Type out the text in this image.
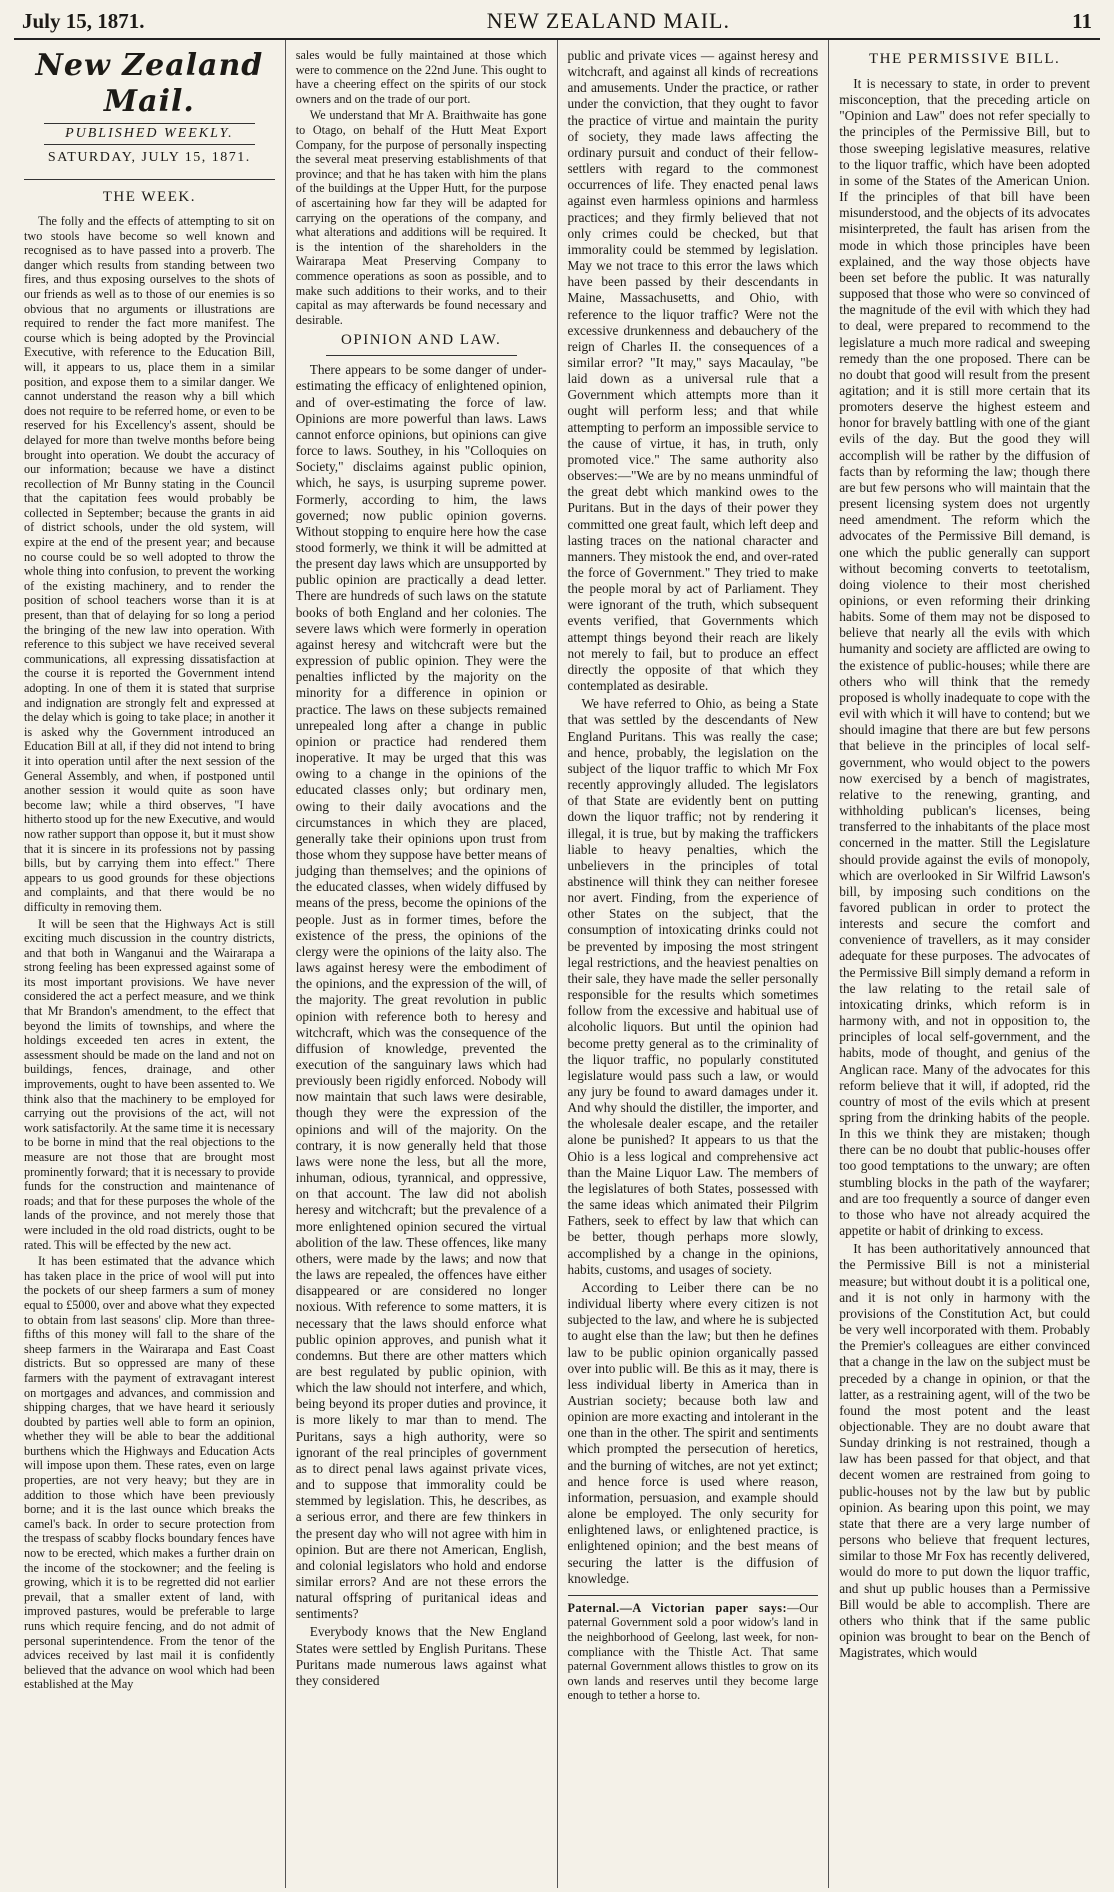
July 15, 1871.	NEW ZEALAND MAIL.	11
New Zealand Mail.
PUBLISHED WEEKLY.
SATURDAY, JULY 15, 1871.
THE WEEK.

The folly and the effects of attempting to sit on two stools have become so well known and recognised as to have passed into a proverb. The danger which results from standing between two fires, and thus exposing ourselves to the shots of our friends as well as to those of our enemies is so obvious that no arguments or illustrations are required to render the fact more manifest. The course which is being adopted by the Provincial Executive, with reference to the Education Bill, will, it appears to us, place them in a similar position, and expose them to a similar danger. We cannot understand the reason why a bill which does not require to be referred home, or even to be reserved for his Excellency's assent, should be delayed for more than twelve months before being brought into operation. We doubt the accuracy of our information; because we have a distinct recollection of Mr Bunny stating in the Council that the capitation fees would probably be collected in September; because the grants in aid of district schools, under the old system, will expire at the end of the present year; and because no course could be so well adopted to throw the whole thing into confusion, to prevent the working of the existing machinery, and to render the position of school teachers worse than it is at present, than that of delaying for so long a period the bringing of the new law into operation. With reference to this subject we have received several communications, all expressing dissatisfaction at the course it is reported the Government intend adopting. In one of them it is stated that surprise and indignation are strongly felt and expressed at the delay which is going to take place; in another it is asked why the Government introduced an Education Bill at all, if they did not intend to bring it into operation until after the next session of the General Assembly, and when, if postponed until another session it would quite as soon have become law; while a third observes, "I have hitherto stood up for the new Executive, and would now rather support than oppose it, but it must show that it is sincere in its professions not by passing bills, but by carrying them into effect." There appears to us good grounds for these objections and complaints, and that there would be no difficulty in removing them.

It will be seen that the Highways Act is still exciting much discussion in the country districts, and that both in Wanganui and the Wairarapa a strong feeling has been expressed against some of its most important provisions. We have never considered the act a perfect measure, and we think that Mr Brandon's amendment, to the effect that beyond the limits of townships, and where the holdings exceeded ten acres in extent, the assessment should be made on the land and not on buildings, fences, drainage, and other improvements, ought to have been assented to. We think also that the machinery to be employed for carrying out the provisions of the act, will not work satisfactorily. At the same time it is necessary to be borne in mind that the real objections to the measure are not those that are brought most prominently forward; that it is necessary to provide funds for the construction and maintenance of roads; and that for these purposes the whole of the lands of the province, and not merely those that were included in the old road districts, ought to be rated. This will be effected by the new act.

It has been estimated that the advance which has taken place in the price of wool will put into the pockets of our sheep farmers a sum of money equal to £5000, over and above what they expected to obtain from last seasons' clip. More than three-fifths of this money will fall to the share of the sheep farmers in the Wairarapa and East Coast districts. But so oppressed are many of these farmers with the payment of extravagant interest on mortgages and advances, and commission and shipping charges, that we have heard it seriously doubted by parties well able to form an opinion, whether they will be able to bear the additional burthens which the Highways and Education Acts will impose upon them. These rates, even on large properties, are not very heavy; but they are in addition to those which have been previously borne; and it is the last ounce which breaks the camel's back. In order to secure protection from the trespass of scabby flocks boundary fences have now to be erected, which makes a further drain on the income of the stockowner; and the feeling is growing, which it is to be regretted did not earlier prevail, that a smaller extent of land, with improved pastures, would be preferable to large runs which require fencing, and do not admit of personal superintendence. From the tenor of the advices received by last mail it is confidently believed that the advance on wool which had been established at the May

sales would be fully maintained at those which were to commence on the 22nd June. This ought to have a cheering effect on the spirits of our stock owners and on the trade of our port.

We understand that Mr A. Braithwaite has gone to Otago, on behalf of the Hutt Meat Export Company, for the purpose of personally inspecting the several meat preserving establishments of that province; and that he has taken with him the plans of the buildings at the Upper Hutt, for the purpose of ascertaining how far they will be adapted for carrying on the operations of the company, and what alterations and additions will be required. It is the intention of the shareholders in the Wairarapa Meat Preserving Company to commence operations as soon as possible, and to make such additions to their works, and to their capital as may afterwards be found necessary and desirable.

OPINION AND LAW.

There appears to be some danger of under-estimating the efficacy of enlightened opinion, and of over-estimating the force of law. Opinions are more powerful than laws. Laws cannot enforce opinions, but opinions can give force to laws. Southey, in his "Colloquies on Society," disclaims against public opinion, which, he says, is usurping supreme power. Formerly, according to him, the laws governed; now public opinion governs. Without stopping to enquire here how the case stood formerly, we think it will be admitted at the present day laws which are unsupported by public opinion are practically a dead letter. There are hundreds of such laws on the statute books of both England and her colonies. The severe laws which were formerly in operation against heresy and witchcraft were but the expression of public opinion. They were the penalties inflicted by the majority on the minority for a difference in opinion or practice. The laws on these subjects remained unrepealed long after a change in public opinion or practice had rendered them inoperative. It may be urged that this was owing to a change in the opinions of the educated classes only; but ordinary men, owing to their daily avocations and the circumstances in which they are placed, generally take their opinions upon trust from those whom they suppose have better means of judging than themselves; and the opinions of the educated classes, when widely diffused by means of the press, become the opinions of the people. Just as in former times, before the existence of the press, the opinions of the clergy were the opinions of the laity also. The laws against heresy were the embodiment of the opinions, and the expression of the will, of the majority. The great revolution in public opinion with reference both to heresy and witchcraft, which was the consequence of the diffusion of knowledge, prevented the execution of the sanguinary laws which had previously been rigidly enforced. Nobody will now maintain that such laws were desirable, though they were the expression of the opinions and will of the majority. On the contrary, it is now generally held that those laws were none the less, but all the more, inhuman, odious, tyrannical, and oppressive, on that account. The law did not abolish heresy and witchcraft; but the prevalence of a more enlightened opinion secured the virtual abolition of the law. These offences, like many others, were made by the laws; and now that the laws are repealed, the offences have either disappeared or are considered no longer noxious. With reference to some matters, it is necessary that the laws should enforce what public opinion approves, and punish what it condemns. But there are other matters which are best regulated by public opinion, with which the law should not interfere, and which, being beyond its proper duties and province, it is more likely to mar than to mend. The Puritans, says a high authority, were so ignorant of the real principles of government as to direct penal laws against private vices, and to suppose that immorality could be stemmed by legislation. This, he describes, as a serious error, and there are few thinkers in the present day who will not agree with him in opinion. But are there not American, English, and colonial legislators who hold and endorse similar errors? And are not these errors the natural offspring of puritanical ideas and sentiments?

Everybody knows that the New England States were settled by English Puritans. These Puritans made numerous laws against what they considered

public and private vices — against heresy and witchcraft, and against all kinds of recreations and amusements. Under the practice, or rather under the conviction, that they ought to favor the practice of virtue and maintain the purity of society, they made laws affecting the ordinary pursuit and conduct of their fellow-settlers with regard to the commonest occurrences of life. They enacted penal laws against even harmless opinions and harmless practices; and they firmly believed that not only crimes could be checked, but that immorality could be stemmed by legislation. May we not trace to this error the laws which have been passed by their descendants in Maine, Massachusetts, and Ohio, with reference to the liquor traffic? Were not the excessive drunkenness and debauchery of the reign of Charles II. the consequences of a similar error? "It may," says Macaulay, "be laid down as a universal rule that a Government which attempts more than it ought will perform less; and that while attempting to perform an impossible service to the cause of virtue, it has, in truth, only promoted vice." The same authority also observes:—"We are by no means unmindful of the great debt which mankind owes to the Puritans. But in the days of their power they committed one great fault, which left deep and lasting traces on the national character and manners. They mistook the end, and over-rated the force of Government." They tried to make the people moral by act of Parliament. They were ignorant of the truth, which subsequent events verified, that Governments which attempt things beyond their reach are likely not merely to fail, but to produce an effect directly the opposite of that which they contemplated as desirable.

We have referred to Ohio, as being a State that was settled by the descendants of New England Puritans. This was really the case; and hence, probably, the legislation on the subject of the liquor traffic to which Mr Fox recently approvingly alluded. The legislators of that State are evidently bent on putting down the liquor traffic; not by rendering it illegal, it is true, but by making the traffickers liable to heavy penalties, which the unbelievers in the principles of total abstinence will think they can neither foresee nor avert. Finding, from the experience of other States on the subject, that the consumption of intoxicating drinks could not be prevented by imposing the most stringent legal restrictions, and the heaviest penalties on their sale, they have made the seller personally responsible for the results which sometimes follow from the excessive and habitual use of alcoholic liquors. But until the opinion had become pretty general as to the criminality of the liquor traffic, no popularly constituted legislature would pass such a law, or would any jury be found to award damages under it. And why should the distiller, the importer, and the wholesale dealer escape, and the retailer alone be punished? It appears to us that the Ohio is a less logical and comprehensive act than the Maine Liquor Law. The members of the legislatures of both States, possessed with the same ideas which animated their Pilgrim Fathers, seek to effect by law that which can be better, though perhaps more slowly, accomplished by a change in the opinions, habits, customs, and usages of society.

According to Leiber there can be no individual liberty where every citizen is not subjected to the law, and where he is subjected to aught else than the law; but then he defines law to be public opinion organically passed over into public will. Be this as it may, there is less individual liberty in America than in Austrian society; because both law and opinion are more exacting and intolerant in the one than in the other. The spirit and sentiments which prompted the persecution of heretics, and the burning of witches, are not yet extinct; and hence force is used where reason, information, persuasion, and example should alone be employed. The only security for enlightened laws, or enlightened practice, is enlightened opinion; and the best means of securing the latter is the diffusion of knowledge.

Paternal.—A Victorian paper says:—Our paternal Government sold a poor widow's land in the neighborhood of Geelong, last week, for non-compliance with the Thistle Act. That same paternal Government allows thistles to grow on its own lands and reserves until they become large enough to tether a horse to.
THE PERMISSIVE BILL.

It is necessary to state, in order to prevent misconception, that the preceding article on "Opinion and Law" does not refer specially to the principles of the Permissive Bill, but to those sweeping legislative measures, relative to the liquor traffic, which have been adopted in some of the States of the American Union. If the principles of that bill have been misunderstood, and the objects of its advocates misinterpreted, the fault has arisen from the mode in which those principles have been explained, and the way those objects have been set before the public. It was naturally supposed that those who were so convinced of the magnitude of the evil with which they had to deal, were prepared to recommend to the legislature a much more radical and sweeping remedy than the one proposed. There can be no doubt that good will result from the present agitation; and it is still more certain that its promoters deserve the highest esteem and honor for bravely battling with one of the giant evils of the day. But the good they will accomplish will be rather by the diffusion of facts than by reforming the law; though there are but few persons who will maintain that the present licensing system does not urgently need amendment. The reform which the advocates of the Permissive Bill demand, is one which the public generally can support without becoming converts to teetotalism, doing violence to their most cherished opinions, or even reforming their drinking habits. Some of them may not be disposed to believe that nearly all the evils with which humanity and society are afflicted are owing to the existence of public-houses; while there are others who will think that the remedy proposed is wholly inadequate to cope with the evil with which it will have to contend; but we should imagine that there are but few persons that believe in the principles of local self-government, who would object to the powers now exercised by a bench of magistrates, relative to the renewing, granting, and withholding publican's licenses, being transferred to the inhabitants of the place most concerned in the matter. Still the Legislature should provide against the evils of monopoly, which are overlooked in Sir Wilfrid Lawson's bill, by imposing such conditions on the favored publican in order to protect the interests and secure the comfort and convenience of travellers, as it may consider adequate for these purposes. The advocates of the Permissive Bill simply demand a reform in the law relating to the retail sale of intoxicating drinks, which reform is in harmony with, and not in opposition to, the principles of local self-government, and the habits, mode of thought, and genius of the Anglican race. Many of the advocates for this reform believe that it will, if adopted, rid the country of most of the evils which at present spring from the drinking habits of the people. In this we think they are mistaken; though there can be no doubt that public-houses offer too good temptations to the unwary; are often stumbling blocks in the path of the wayfarer; and are too frequently a source of danger even to those who have not already acquired the appetite or habit of drinking to excess.

It has been authoritatively announced that the Permissive Bill is not a ministerial measure; but without doubt it is a political one, and it is not only in harmony with the provisions of the Constitution Act, but could be very well incorporated with them. Probably the Premier's colleagues are either convinced that a change in the law on the subject must be preceded by a change in opinion, or that the latter, as a restraining agent, will of the two be found the most potent and the least objectionable. They are no doubt aware that Sunday drinking is not restrained, though a law has been passed for that object, and that decent women are restrained from going to public-houses not by the law but by public opinion. As bearing upon this point, we may state that there are a very large number of persons who believe that frequent lectures, similar to those Mr Fox has recently delivered, would do more to put down the liquor traffic, and shut up public houses than a Permissive Bill would be able to accomplish. There are others who think that if the same public opinion was brought to bear on the Bench of Magistrates, which would
